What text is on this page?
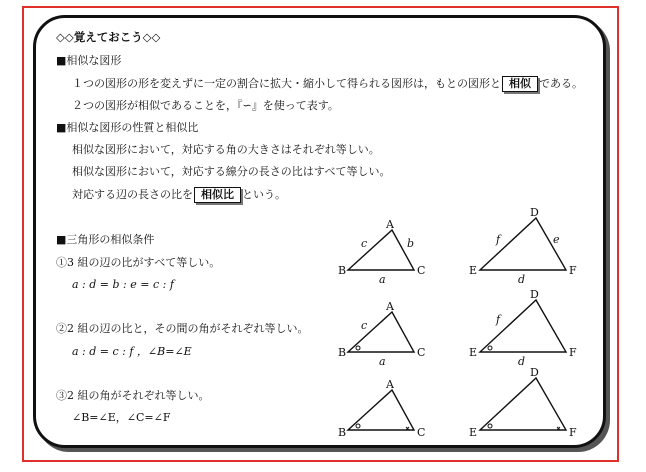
◇◇覚えておこう◇◇
■相似な図形
１つの図形の形を変えずに一定の割合に拡大・縮小して得られる図形は，もとの図形と 相似 である。
２つの図形が相似であることを，『∽』を使って表す。
■相似な図形の性質と相似比
相似な図形において，対応する角の大きさはそれぞれ等しい。
相似な図形において，対応する線分の長さの比はすべて等しい。
対応する辺の長さの比を 相似比 という。
■三角形の相似条件
①3 組の辺の比がすべて等しい。
a : d = b : e = c : f
②2 組の辺の比と，その間の角がそれぞれ等しい。
a : d = c : f ，∠B=∠E
③2 組の角がそれぞれ等しい。
∠B=∠E，∠C=∠F
A
B	C
a
b
c
D
E	F
d
e
f
A
B	C
a
c
D
E	F
d
f
A
B	C
D
E	F
